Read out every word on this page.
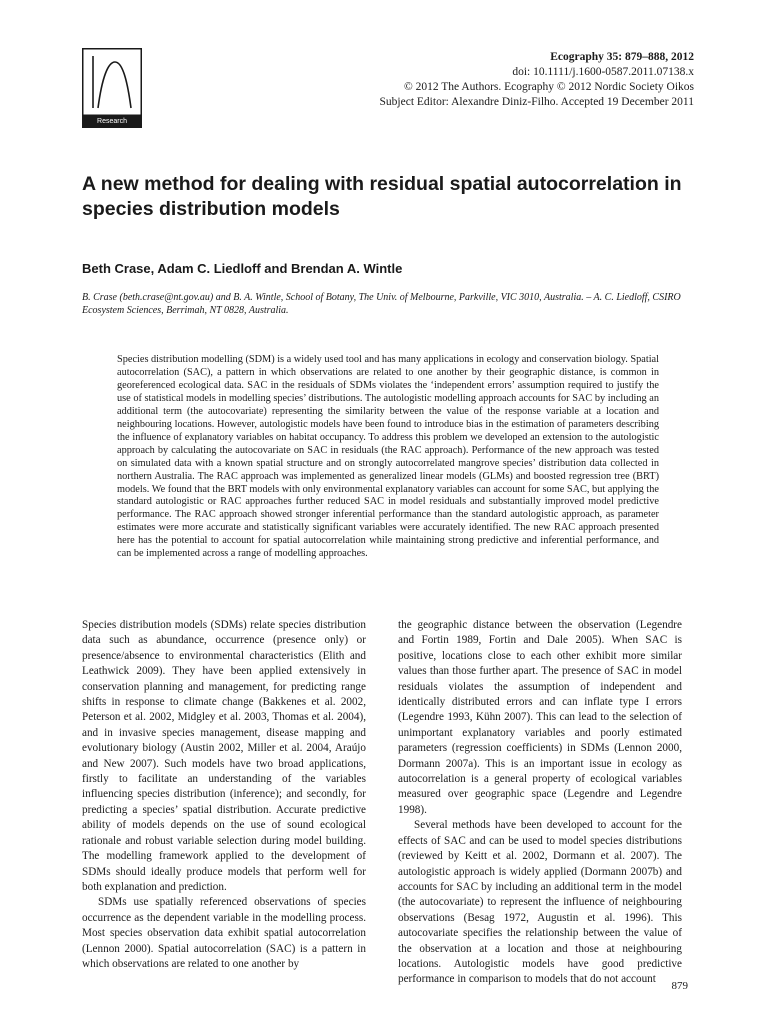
Research
Ecography 35: 879–888, 2012
doi: 10.1111/j.1600-0587.2011.07138.x
© 2012 The Authors. Ecography © 2012 Nordic Society Oikos
Subject Editor: Alexandre Diniz-Filho. Accepted 19 December 2011
A new method for dealing with residual spatial autocorrelation in species distribution models
Beth Crase, Adam C. Liedloff and Brendan A. Wintle
B. Crase (beth.crase@nt.gov.au) and B. A. Wintle, School of Botany, The Univ. of Melbourne, Parkville, VIC 3010, Australia. – A. C. Liedloff, CSIRO Ecosystem Sciences, Berrimah, NT 0828, Australia.

Species distribution modelling (SDM) is a widely used tool and has many applications in ecology and conservation biology. Spatial autocorrelation (SAC), a pattern in which observations are related to one another by their geographic distance, is common in georeferenced ecological data. SAC in the residuals of SDMs violates the ‘independent errors’ assumption required to justify the use of statistical models in modelling species’ distributions. The autologistic modelling approach accounts for SAC by including an additional term (the autocovariate) representing the similarity between the value of the response variable at a location and neighbouring locations. However, autologistic models have been found to introduce bias in the estimation of parameters describing the influence of explanatory variables on habitat occupancy. To address this problem we developed an extension to the autologistic approach by calculating the autocovariate on SAC in residuals (the RAC approach). Performance of the new approach was tested on simulated data with a known spatial structure and on strongly autocorrelated mangrove species’ distribution data collected in northern Australia. The RAC approach was implemented as generalized linear models (GLMs) and boosted regression tree (BRT) models. We found that the BRT models with only environmental explanatory variables can account for some SAC, but applying the standard autologistic or RAC approaches further reduced SAC in model residuals and substantially improved model predictive performance. The RAC approach showed stronger inferential performance than the standard autologistic approach, as parameter estimates were more accurate and statistically significant variables were accurately identified. The new RAC approach presented here has the potential to account for spatial autocorrelation while maintaining strong predictive and inferential performance, and can be implemented across a range of modelling approaches.

Species distribution models (SDMs) relate species distribution data such as abundance, occurrence (presence only) or presence/absence to environmental characteristics (Elith and Leathwick 2009). They have been applied extensively in conservation planning and management, for predicting range shifts in response to climate change (Bakkenes et al. 2002, Peterson et al. 2002, Midgley et al. 2003, Thomas et al. 2004), and in invasive species management, disease mapping and evolutionary biology (Austin 2002, Miller et al. 2004, Araújo and New 2007). Such models have two broad applications, firstly to facilitate an understanding of the variables influencing species distribution (inference); and secondly, for predicting a species’ spatial distribution. Accurate predictive ability of models depends on the use of sound ecological rationale and robust variable selection during model building. The modelling framework applied to the development of SDMs should ideally produce models that perform well for both explanation and prediction.

SDMs use spatially referenced observations of species occurrence as the dependent variable in the modelling process. Most species observation data exhibit spatial autocorrelation (Lennon 2000). Spatial autocorrelation (SAC) is a pattern in which observations are related to one another by

the geographic distance between the observation (Legendre and Fortin 1989, Fortin and Dale 2005). When SAC is positive, locations close to each other exhibit more similar values than those further apart. The presence of SAC in model residuals violates the assumption of independent and identically distributed errors and can inflate type I errors (Legendre 1993, Kühn 2007). This can lead to the selection of unimportant explanatory variables and poorly estimated parameters (regression coefficients) in SDMs (Lennon 2000, Dormann 2007a). This is an important issue in ecology as autocorrelation is a general property of ecological variables measured over geographic space (Legendre and Legendre 1998).

Several methods have been developed to account for the effects of SAC and can be used to model species distributions (reviewed by Keitt et al. 2002, Dormann et al. 2007). The autologistic approach is widely applied (Dormann 2007b) and accounts for SAC by including an additional term in the model (the autocovariate) to represent the influence of neighbouring observations (Besag 1972, Augustin et al. 1996). This autocovariate specifies the relationship between the value of the observation at a location and those at neighbouring locations. Autologistic models have good predictive performance in comparison to models that do not account

879
